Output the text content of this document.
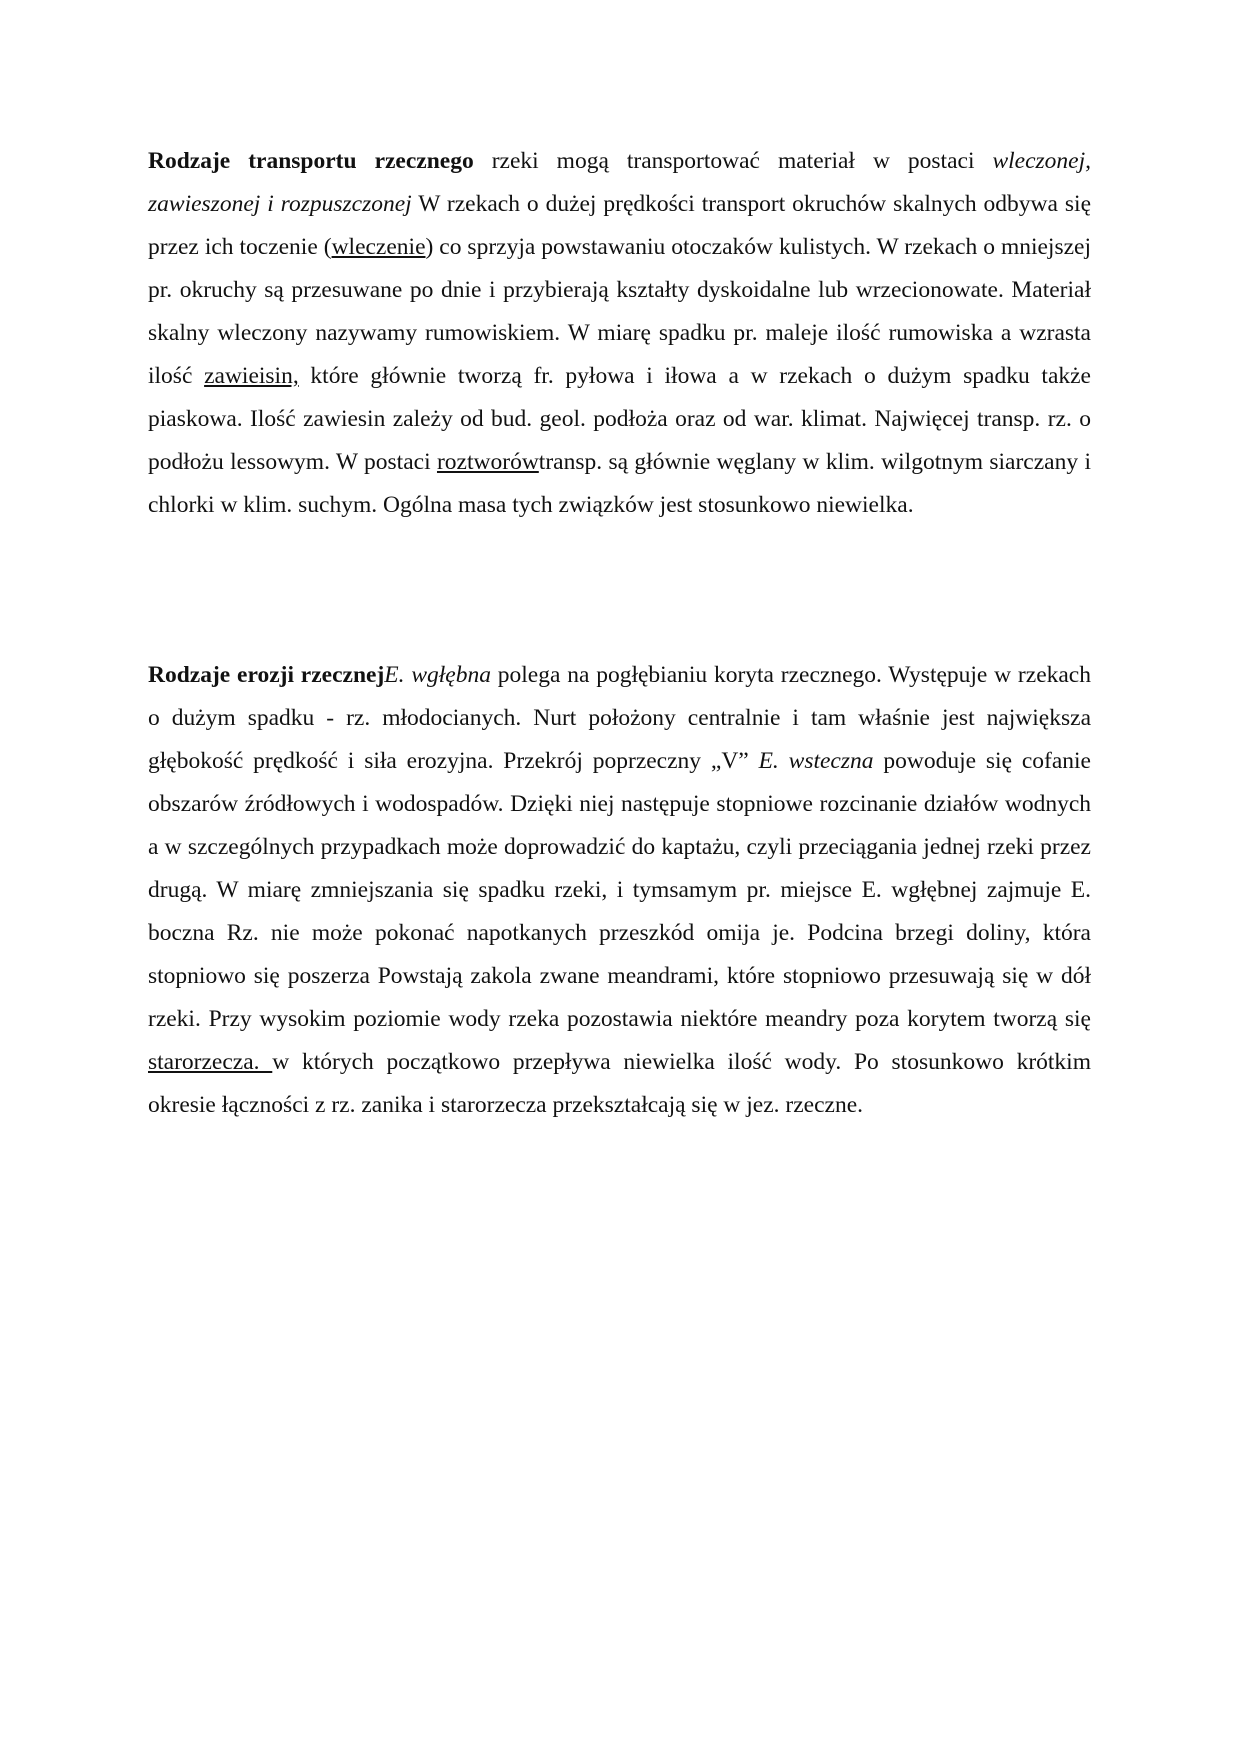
Rodzaje transportu rzecznego rzeki mogą transportować materiał w postaci wleczonej, zawieszonej i rozpuszczonej W rzekach o dużej prędkości transport okruchów skalnych odbywa się przez ich toczenie (wleczenie) co sprzyja powstawaniu otoczaków kulistych. W rzekach o mniejszej pr. okruchy są przesuwane po dnie i przybierają kształty dyskoidalne lub wrzecionowate. Materiał skalny wleczony nazywamy rumowiskiem. W miarę spadku pr. maleje ilość rumowiska a wzrasta ilość zawieisin, które głównie tworzą fr. pyłowa i iłowa a w rzekach o dużym spadku także piaskowa. Ilość zawiesin zależy od bud. geol. podłoża oraz od war. klimat. Najwięcej transp. rz. o podłożu lessowym. W postaci roztworówtransp. są głównie węglany w klim. wilgotnym siarczany i chlorki w klim. suchym. Ogólna masa tych związków jest stosunkowo niewielka.

Rodzaje erozji rzecznejE. wgłębna polega na pogłębianiu koryta rzecznego. Występuje w rzekach o dużym spadku - rz. młodocianych. Nurt położony centralnie i tam właśnie jest największa głębokość prędkość i siła erozyjna. Przekrój poprzeczny „V” E. wsteczna powoduje się cofanie obszarów źródłowych i wodospadów. Dzięki niej następuje stopniowe rozcinanie działów wodnych a w szczególnych przypadkach może doprowadzić do kaptażu, czyli przeciągania jednej rzeki przez drugą. W miarę zmniejszania się spadku rzeki, i tymsamym pr. miejsce E. wgłębnej zajmuje E. boczna Rz. nie może pokonać napotkanych przeszkód omija je. Podcina brzegi doliny, która stopniowo się poszerza Powstają zakola zwane meandrami, które stopniowo przesuwają się w dół rzeki. Przy wysokim poziomie wody rzeka pozostawia niektóre meandry poza korytem tworzą się starorzecza. w których początkowo przepływa niewielka ilość wody. Po stosunkowo krótkim okresie łączności z rz. zanika i starorzecza przekształcają się w jez. rzeczne.
